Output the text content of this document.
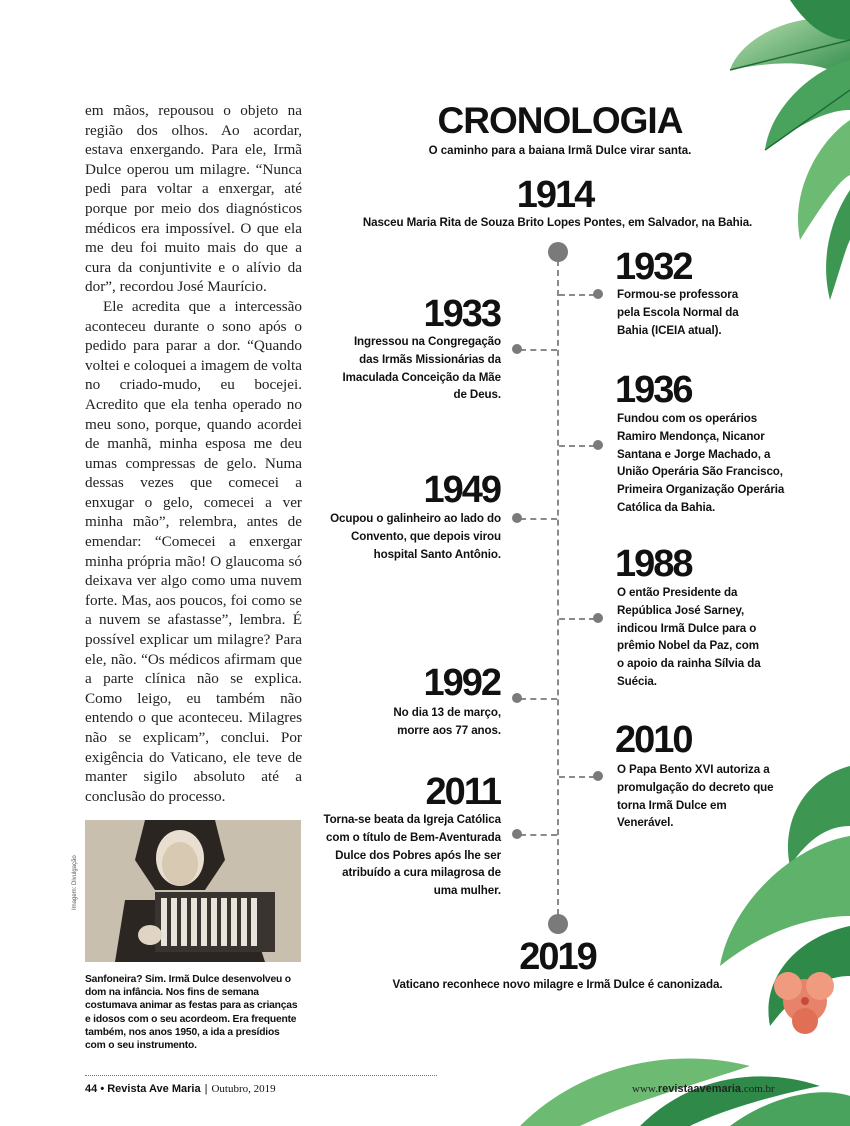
em mãos, repousou o objeto na região dos olhos. Ao acordar, estava enxergando. Para ele, Irmã Dulce operou um milagre. “Nunca pedi para voltar a enxergar, até porque por meio dos diagnósticos médicos era impossível. O que ela me deu foi muito mais do que a cura da conjuntivite e o alívio da dor”, recordou José Maurício.

Ele acredita que a intercessão aconteceu durante o sono após o pedido para parar a dor. “Quando voltei e coloquei a imagem de volta no criado-mudo, eu bocejei. Acredito que ela tenha operado no meu sono, porque, quando acordei de manhã, minha esposa me deu umas compressas de gelo. Numa dessas vezes que comecei a enxugar o gelo, comecei a ver minha mão”, relembra, antes de emendar: “Comecei a enxergar minha própria mão! O glaucoma só deixava ver algo como uma nuvem forte. Mas, aos poucos, foi como se a nuvem se afastasse”, lembra. É possível explicar um milagre? Para ele, não. “Os médicos afirmam que a parte clínica não se explica. Como leigo, eu também não entendo o que aconteceu. Milagres não se explicam”, conclui. Por exigência do Vaticano, ele teve de manter sigilo absoluto até a conclusão do processo.

Imagem: Divulgação
Sanfoneira? Sim. Irmã Dulce desenvolveu o dom na infância. Nos fins de semana costumava animar as festas para as crianças e idosos com o seu acordeom. Era frequente também, nos anos 1950, a ida a presídios com o seu instrumento.
CRONOLOGIA
O caminho para a baiana Irmã Dulce virar santa.
1914
Nasceu Maria Rita de Souza Brito Lopes Pontes, em Salvador, na Bahia.
1932
Formou-se professora pela Escola Normal da Bahia (ICEIA atual).
1933
Ingressou na Congregação das Irmãs Missionárias da Imaculada Conceição da Mãe de Deus.	1936
Fundou com os operários Ramiro Mendonça, Nicanor Santana e Jorge Machado, a União Operária São Francisco, Primeira Organização Operária Católica da Bahia.
1949
Ocupou o galinheiro ao lado do Convento, que depois virou hospital Santo Antônio.	1988
O então Presidente da República José Sarney, indicou Irmã Dulce para o prêmio Nobel da Paz, com o apoio da rainha Sílvia da Suécia.
1992
No dia 13 de março, morre aos 77 anos.	2010
O Papa Bento XVI autoriza a promulgação do decreto que torna Irmã Dulce em Venerável.
2011
Torna-se beata da Igreja Católica com o título de Bem-Aventurada Dulce dos Pobres após lhe ser atribuído a cura milagrosa de uma mulher.
2019
Vaticano reconhece novo milagre e Irmã Dulce é canonizada.
44 • Revista Ave Maria | Outubro, 2019	www.revistaavemaria.com.br
